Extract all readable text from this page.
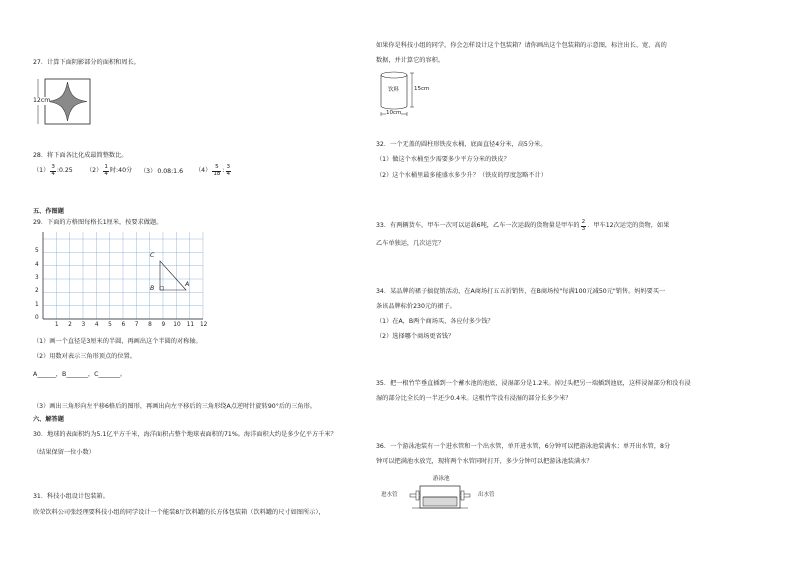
27．计算下面阴影部分的面积和周长。
12cm
28．将下面各比化成最简整数比。
$(1) \frac{3}{4}$ :0.25 $(2) \frac{1}{4}$ 时:40分 （3） 0.08:1.6 $(4) \frac{5}{18}$ : $\frac{3}{4}$
五、作图题
29．下面的方格图每格长1厘米，按要求做题。
C
B
A
5
4
3
2
1
0
1 2 3 4 5 6 7 8 9 10 11 12
（1）画一个直径是3厘米的半圆，再画出这个半圆的对称轴。
（2）用数对表示三角形顶点的位置。
A______，B_______，C_______。
（3）画出三角形向左平移6格后的图形，再画出向左平移后的三角形绕A点逆时针旋转90°后的三角形。
六、解答题
30．地球的表面积约为5.1亿平方千米，海洋面积占整个地球表面积的71%。海洋面积大约是多少亿平方千米？
（结果保留一位小数）
31．科技小组设计包装箱。
欣荣饮料公司张经理要科技小组的同学设计一个能装8厅饮料罐的长方体包装箱（饮料罐的尺寸如图所示），
如果你是科技小组的同学，你会怎样设计这个包装箱？请你画出这个包装箱的示意图，标注出长、宽、高的
数据，并计算它的容积。
饮料	15cm
10cm
32．一个无盖的圆柱形铁皮水桶，底面直径4分米，高5分米。
（1）做这个水桶至少需要多少平方分米的铁皮？
（2）这个水桶里最多能盛水多少升？（铁皮的厚度忽略不计）
33．有两辆货车，甲车一次可以运载6吨，乙车一次运载的货物量是甲车的 $\frac{2}{3}$ ．甲车12次运完的货物，如果
乙车单独运，几次运完？
34．某品牌的裙子搞促销活动，在A商场打五五折销售，在B商场按"每满100元减50元"销售。妈妈要买一
条该品牌标价230元的裙子。
（1）在A，B两个商场买，各应付多少钱？
（2）选择哪个商场更省钱？
35．把一根竹竿垂直插到一个蓄水池的池底，浸湿部分是1.2米。掉过头把另一端插到池底，这样浸湿部分和没有浸
湿的部分比全长的一半还少0.4米。这根竹竿没有浸湿的部分长多少米？
36．一个游泳池装有一个进水管和一个出水管，单开进水管，6分钟可以把游泳池装满水；单开出水管，8分
钟可以把满池水放完，现将两个水管同时打开，多少分钟可以把游泳池装满水？
游泳池
进水管	出水管
